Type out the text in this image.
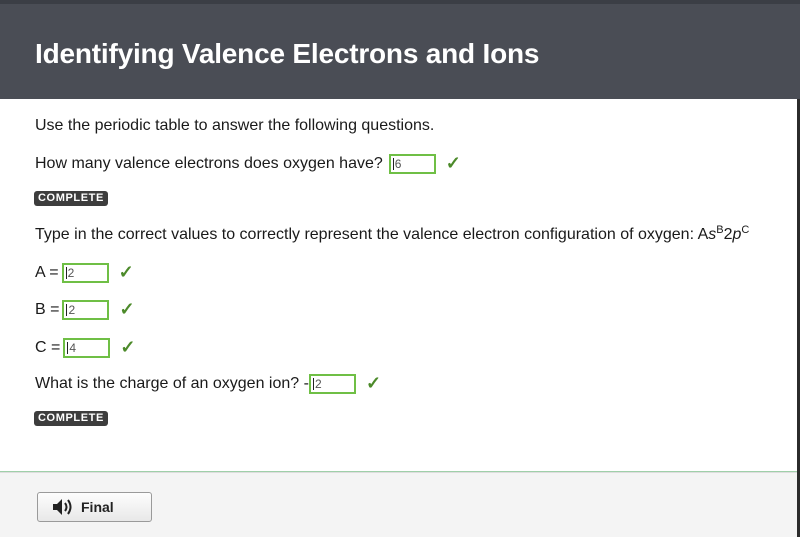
Identifying Valence Electrons and Ions
Use the periodic table to answer the following questions.
How many valence electrons does oxygen have?	6	✓
COMPLETE
Type in the correct values to correctly represent the valence electron configuration of oxygen: A $s^B$ 2 $p^C$
A = 2	✓
B = 2	✓
C = 4	✓
What is the charge of an oxygen ion? - 2	✓
COMPLETE
Final
